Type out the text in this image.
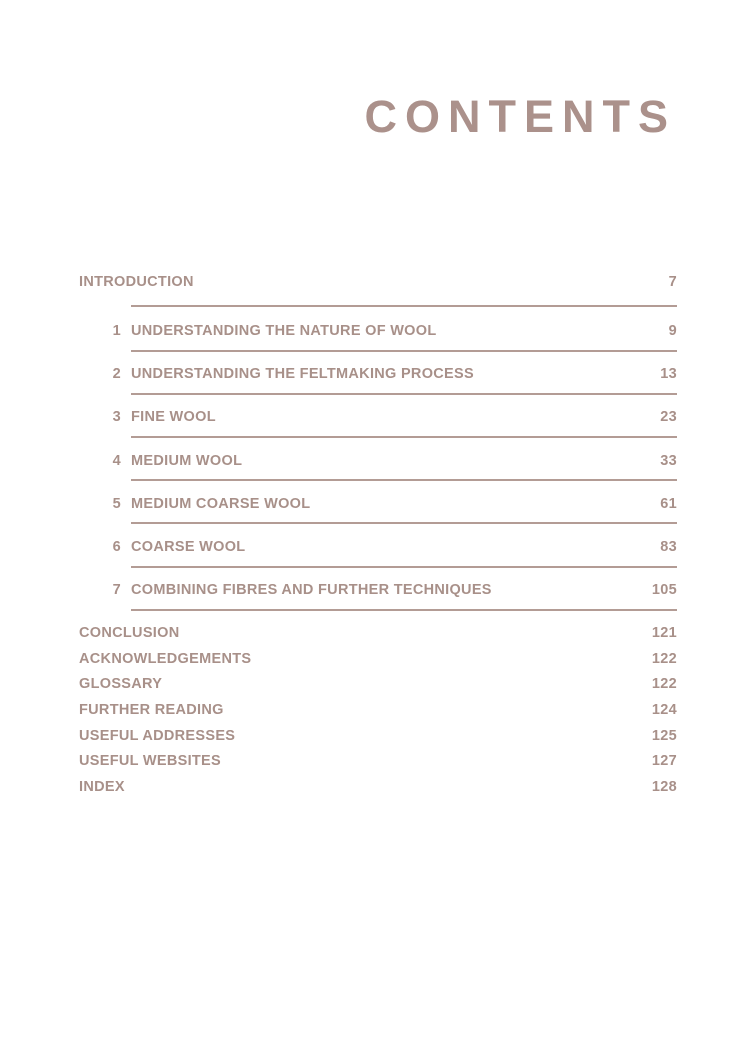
CONTENTS
INTRODUCTION	7
1 UNDERSTANDING THE NATURE OF WOOL	9
2 UNDERSTANDING THE FELTMAKING PROCESS	13
3 FINE WOOL	23
4 MEDIUM WOOL	33
5 MEDIUM COARSE WOOL	61
6 COARSE WOOL	83
7 COMBINING FIBRES AND FURTHER TECHNIQUES	105
CONCLUSION	121
ACKNOWLEDGEMENTS	122
GLOSSARY	122
FURTHER READING	124
USEFUL ADDRESSES	125
USEFUL WEBSITES	127
INDEX	128
